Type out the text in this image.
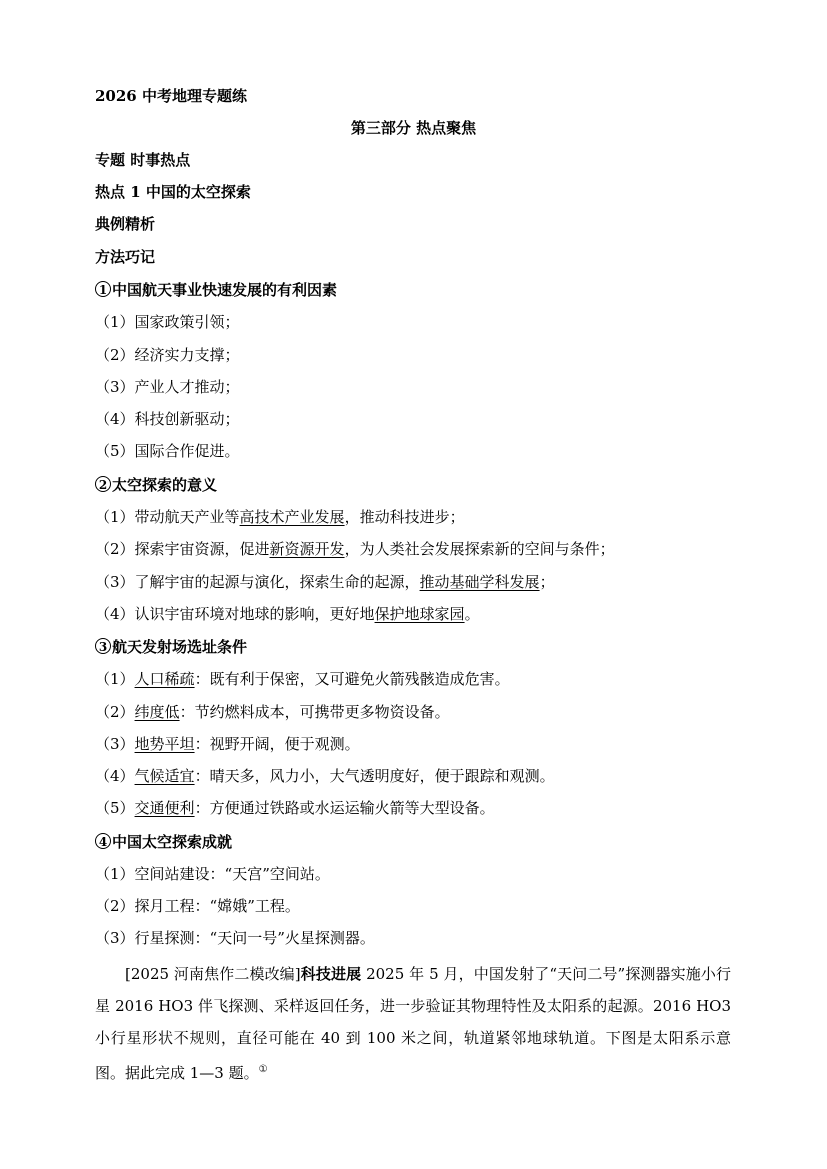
2026 中考地理专题练
第三部分 热点聚焦
专题 时事热点
热点 1 中国的太空探索
典例精析
方法巧记
1 中国航天事业快速发展的有利因素
（1）国家政策引领；
（2）经济实力支撑；
（3）产业人才推动；
（4）科技创新驱动；
（5）国际合作促进。
2 太空探索的意义
（1）带动航天产业等高技术产业发展，推动科技进步；
（2）探索宇宙资源，促进新资源开发，为人类社会发展探索新的空间与条件；
（3）了解宇宙的起源与演化，探索生命的起源，推动基础学科发展；
（4）认识宇宙环境对地球的影响，更好地保护地球家园。
3 航天发射场选址条件
（1）人口稀疏：既有利于保密，又可避免火箭残骸造成危害。
（2）纬度低：节约燃料成本，可携带更多物资设备。
（3）地势平坦：视野开阔，便于观测。
（4）气候适宜：晴天多，风力小，大气透明度好，便于跟踪和观测。
（5）交通便利：方便通过铁路或水运运输火箭等大型设备。
4 中国太空探索成就
（1）空间站建设：“天宫”空间站。
（2）探月工程：“嫦娥”工程。
（3）行星探测：“天问一号”火星探测器。
[2025 河南焦作二模改编]科技进展 2025 年 5 月，中国发射了“天问二号”探测器实施小行星 2016 HO3 伴飞探测、采样返回任务，进一步验证其物理特性及太阳系的起源。2016 HO3 小行星形状不规则，直径可能在 40 到 100 米之间，轨道紧邻地球轨道。下图是太阳系示意图。据此完成 1—3 题。①
